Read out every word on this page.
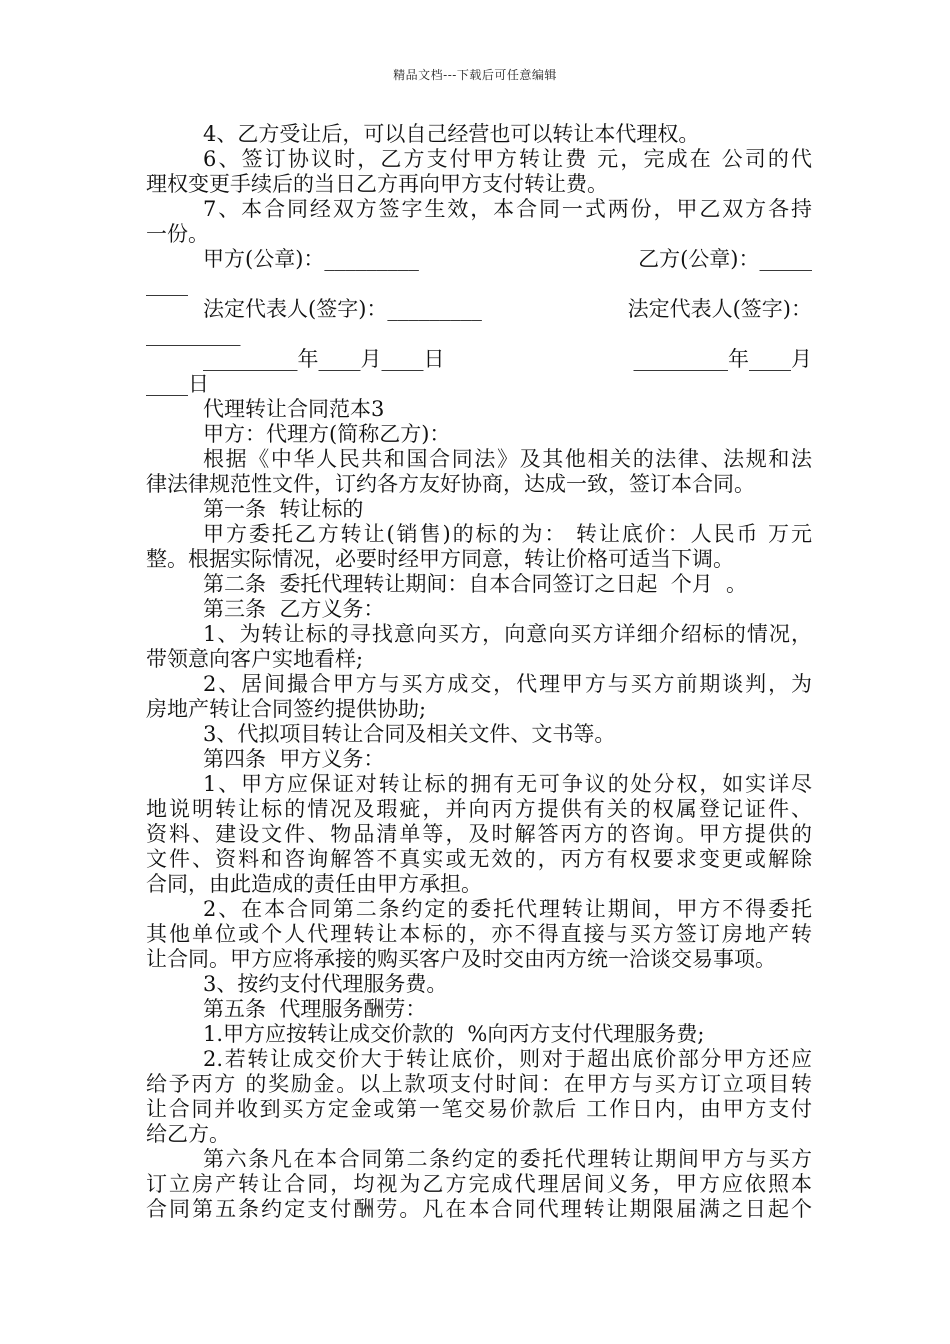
精品文档---下载后可任意编辑
4、乙方受让后，可以自己经营也可以转让本代理权。
6、签订协议时，乙方支付甲方转让费 元，完成在 公司的代
理权变更手续后的当日乙方再向甲方支付转让费。
7、本合同经双方签字生效，本合同一式两份，甲乙双方各持
一份。
甲方(公章)：_________	乙方(公章)：_____
____
法定代表人(签字)：_________	法定代表人(签字)：
_________
_________年____月____日	_________年____月
____日
代理转让合同范本3
甲方：代理方(简称乙方)：
根据《中华人民共和国合同法》及其他相关的法律、法规和法
律法律规范性文件，订约各方友好协商，达成一致，签订本合同。
第一条  转让标的
甲方委托乙方转让(销售)的标的为： 转让底价：人民币 万元
整。根据实际情况，必要时经甲方同意，转让价格可适当下调。
第二条  委托代理转让期间：自本合同签订之日起  个月  。
第三条  乙方义务：
1、为转让标的寻找意向买方，向意向买方详细介绍标的情况，
带领意向客户实地看样;
2、居间撮合甲方与买方成交，代理甲方与买方前期谈判，为
房地产转让合同签约提供协助;
3、代拟项目转让合同及相关文件、文书等。
第四条  甲方义务：
1、甲方应保证对转让标的拥有无可争议的处分权，如实详尽
地说明转让标的情况及瑕疵，并向丙方提供有关的权属登记证件、
资料、建设文件、物品清单等，及时解答丙方的咨询。甲方提供的
文件、资料和咨询解答不真实或无效的，丙方有权要求变更或解除
合同，由此造成的责任由甲方承担。
2、在本合同第二条约定的委托代理转让期间，甲方不得委托
其他单位或个人代理转让本标的，亦不得直接与买方签订房地产转
让合同。甲方应将承接的购买客户及时交由丙方统一洽谈交易事项。
3、按约支付代理服务费。
第五条  代理服务酬劳：
1.甲方应按转让成交价款的  %向丙方支付代理服务费;
2.若转让成交价大于转让底价，则对于超出底价部分甲方还应
给予丙方 的奖励金。以上款项支付时间：在甲方与买方订立项目转
让合同并收到买方定金或第一笔交易价款后 工作日内，由甲方支付
给乙方。
第六条凡在本合同第二条约定的委托代理转让期间甲方与买方
订立房产转让合同，均视为乙方完成代理居间义务，甲方应依照本
合同第五条约定支付酬劳。凡在本合同代理转让期限届满之日起个
